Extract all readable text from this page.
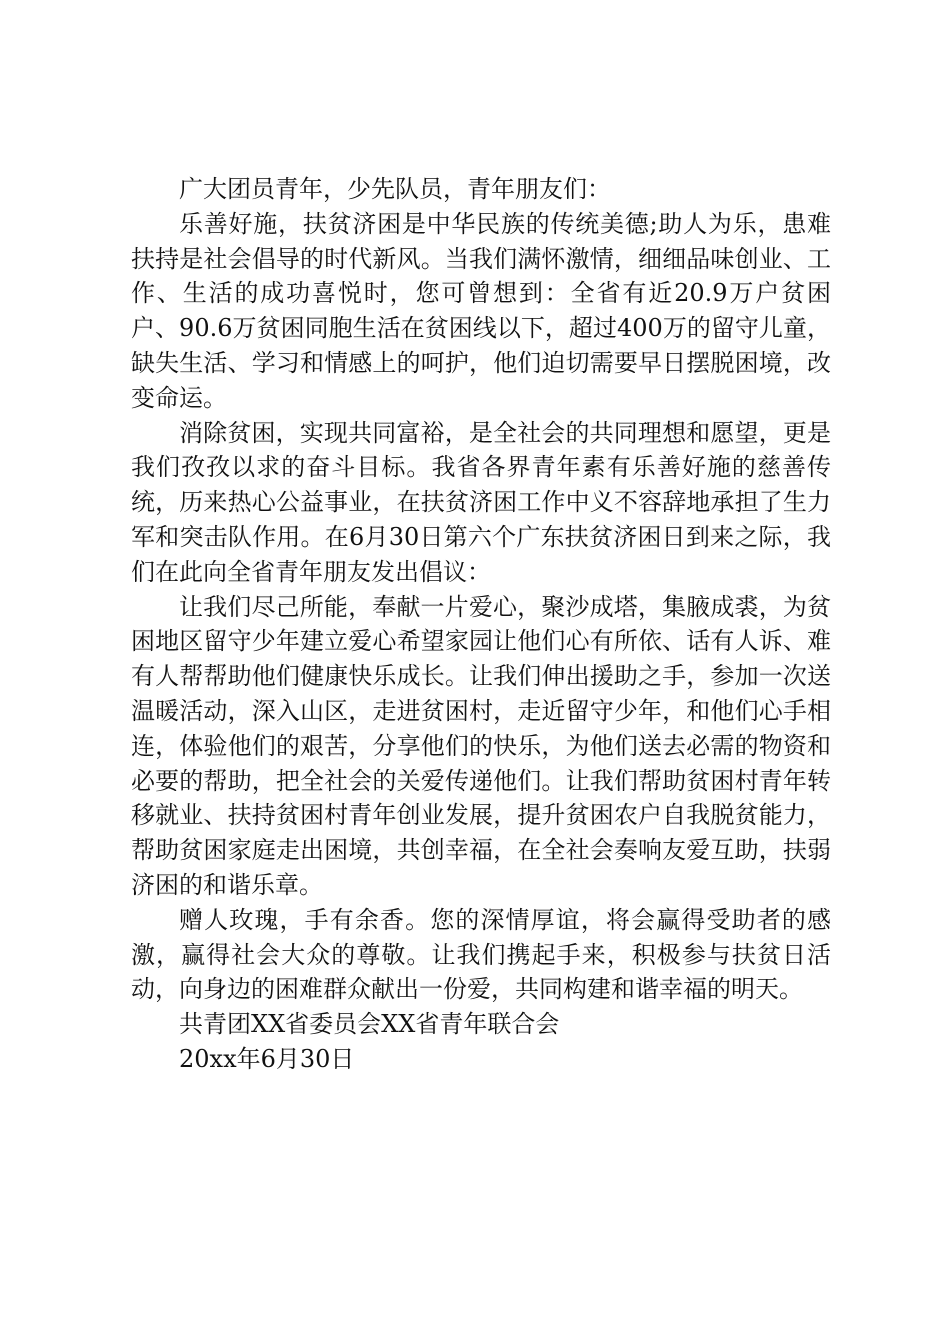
广大团员青年，少先队员，青年朋友们：

乐善好施，扶贫济困是中华民族的传统美德;助人为乐，患难扶持是社会倡导的时代新风。当我们满怀激情，细细品味创业、工作、生活的成功喜悦时，您可曾想到：全省有近20.9万户贫困户、90.6万贫困同胞生活在贫困线以下，超过400万的留守儿童，缺失生活、学习和情感上的呵护，他们迫切需要早日摆脱困境，改变命运。

消除贫困，实现共同富裕，是全社会的共同理想和愿望，更是我们孜孜以求的奋斗目标。我省各界青年素有乐善好施的慈善传统，历来热心公益事业，在扶贫济困工作中义不容辞地承担了生力军和突击队作用。在6月30日第六个广东扶贫济困日到来之际，我们在此向全省青年朋友发出倡议：

让我们尽己所能，奉献一片爱心，聚沙成塔，集腋成裘，为贫困地区留守少年建立爱心希望家园让他们心有所依、话有人诉、难有人帮帮助他们健康快乐成长。让我们伸出援助之手，参加一次送温暖活动，深入山区，走进贫困村，走近留守少年，和他们心手相连，体验他们的艰苦，分享他们的快乐，为他们送去必需的物资和必要的帮助，把全社会的关爱传递他们。让我们帮助贫困村青年转移就业、扶持贫困村青年创业发展，提升贫困农户自我脱贫能力，帮助贫困家庭走出困境，共创幸福，在全社会奏响友爱互助，扶弱济困的和谐乐章。

赠人玫瑰，手有余香。您的深情厚谊，将会赢得受助者的感激，赢得社会大众的尊敬。让我们携起手来，积极参与扶贫日活动，向身边的困难群众献出一份爱，共同构建和谐幸福的明天。

共青团XX省委员会XX省青年联合会

20xx年6月30日
